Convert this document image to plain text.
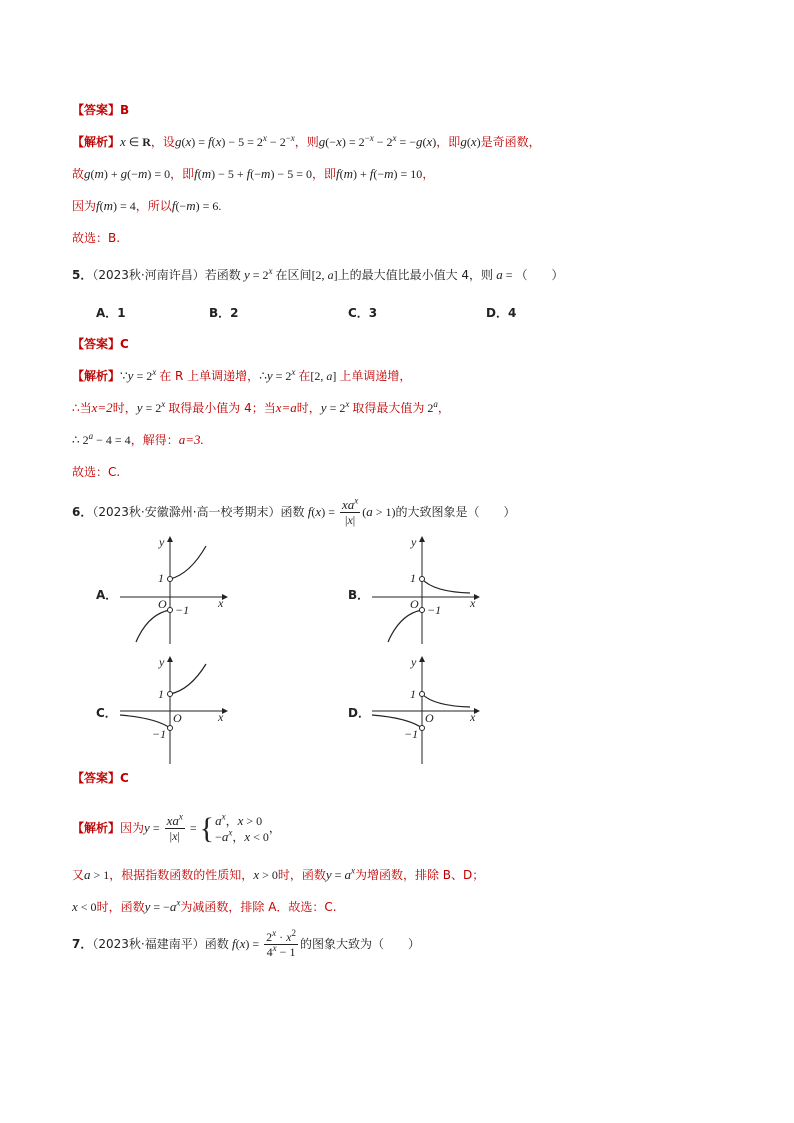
【答案】B
【解析】x ∈ R，设$g(x) = f(x) - 5 = 2^x - 2^{-x}$，则$g(-x) = 2^{-x} - 2^x = -g(x)$，即g(x)是奇函数，
故g(m) + g(−m) = 0，即f(m) − 5 + f(−m) − 5 = 0，即f(m) + f(−m) = 10，
因为f(m) = 4，所以f(−m) = 6.
故选：B.
5．（2023秋·河南许昌）若函数 $y = 2^x$ 在区间[2, a]上的最大值比最小值大 4，则 a = （　　）
A．1	B．2	C．3	D．4
【答案】C
【解析】∵y = $2^x$ 在 R 上单调递增，∴y = $2^x$ 在[2, a] 上单调递增，
∴当x=2时，$y = 2^x$ 取得最小值为 4；当x=a时，$y = 2^x$ 取得最大值为 2$^a$，
∴ $2^a - 4 = 4$，解得：a=3.
故选：C.
6．（2023秋·安徽滁州·高一校考期末）函数 $f(x) = \frac{xa^x}{|x|} (a > 1)$的大致图象是（　　）
A．	B．
C．	D．
1
−1
O	x
y
1
−1
O	x
y
1
−1
O	x
y
1
−1
O	x
y
【答案】C
【解析】因为$y = \frac{xa^x}{|x|}$ = { $a^x$，x > 0
$-a^x$，x < 0
，
又a > 1，根据指数函数的性质知，x > 0时，函数$y = a^x$为增函数，排除 B、D；
x < 0时，函数$y = -a^x$为减函数，排除 A．故选：C.
7．（2023秋·福建南平）函数 $f(x) = \frac{2^x \cdot x^2}{4^x - 1}$ 的图象大致为（　　）
